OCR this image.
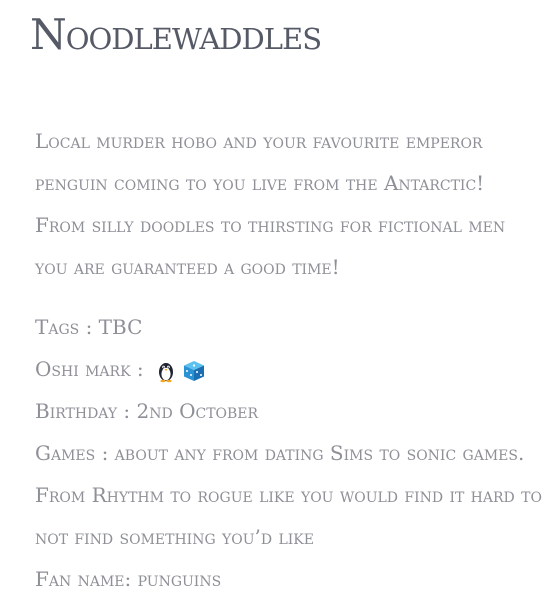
Noodlewaddles

Local murder hobo and your favourite emperor penguin coming to you live from the Antarctic! From silly doodles to thirsting for fictional men you are guaranteed a good time!

Tags : TBC
Oshi mark :
Birthday : 2nd October
Games : about any from dating Sims to sonic games. From Rhythm to rogue like you would find it hard to not find something you’d like
Fan name: punguins
